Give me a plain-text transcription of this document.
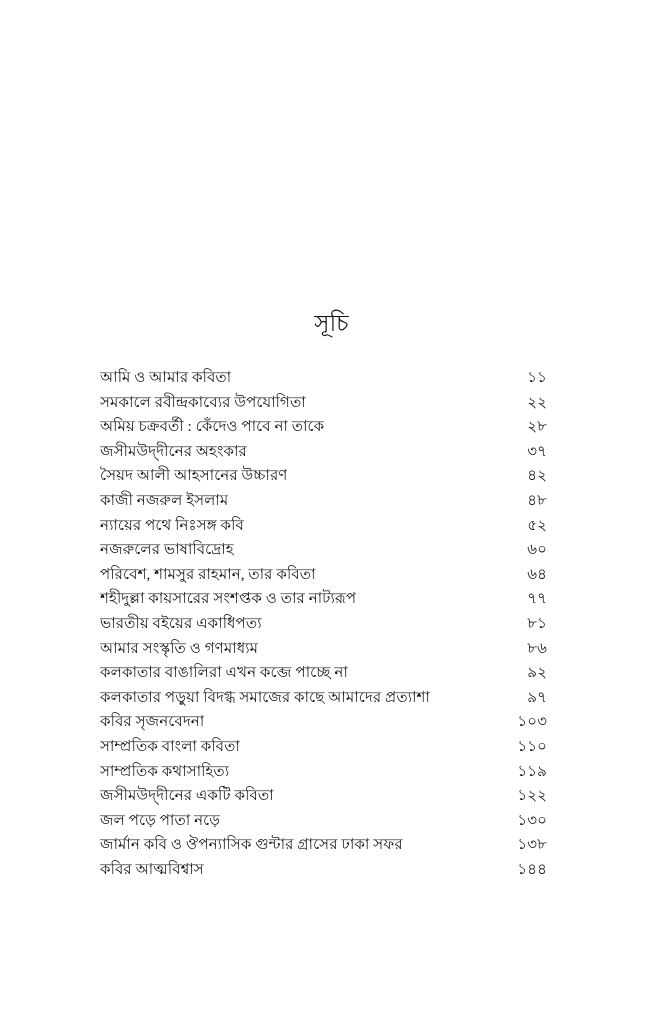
সূচি
আমি ও আমার কবিতা	১১
সমকালে রবীন্দ্রকাব্যের উপযোগিতা	২২
অমিয় চক্রবর্তী : কেঁদেও পাবে না তাকে	২৮
জসীমউদ্‌দীনের অহংকার	৩৭
সৈয়দ আলী আহসানের উচ্চারণ	৪২
কাজী নজরুল ইসলাম	৪৮
ন্যায়ের পথে নিঃসঙ্গ কবি	৫২
নজরুলের ভাষাবিদ্রোহ	৬০
পরিবেশ, শামসুর রাহমান, তার কবিতা	৬৪
শহীদুল্লা কায়সারের সংশপ্তক ও তার নাট্যরূপ	৭৭
ভারতীয় বইয়ের একাধিপত্য	৮১
আমার সংস্কৃতি ও গণমাধ্যম	৮৬
কলকাতার বাঙালিরা এখন কব্জে পাচ্ছে না	৯২
কলকাতার পড়ুয়া বিদগ্ধ সমাজের কাছে আমাদের প্রত্যাশা	৯৭
কবির সৃজনবেদনা	১০৩
সাম্প্রতিক বাংলা কবিতা	১১০
সাম্প্রতিক কথাসাহিত্য	১১৯
জসীমউদ্‌দীনের একটি কবিতা	১২২
জল পড়ে পাতা নড়ে	১৩০
জার্মান কবি ও ঔপন্যাসিক গুন্টার গ্রাসের ঢাকা সফর	১৩৮
কবির আত্মবিশ্বাস	১৪৪
